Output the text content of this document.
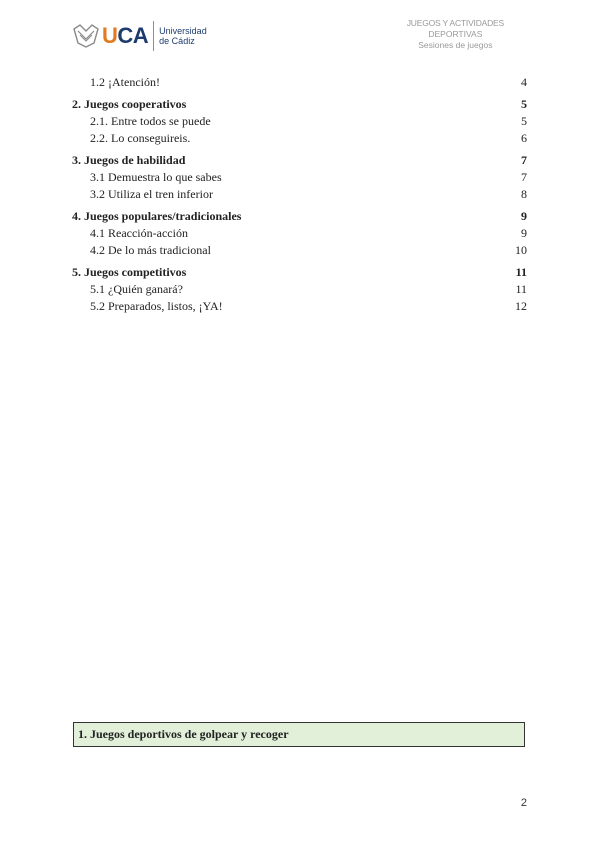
UCA Universidad
de Cádiz
JUEGOS Y ACTIVIDADES
DEPORTIVAS
Sesiones de juegos
1.2 ¡Atención!	4
2. Juegos cooperativos	5
2.1. Entre todos se puede	5
2.2. Lo conseguireis.	6
3. Juegos de habilidad	7
3.1 Demuestra lo que sabes	7
3.2 Utiliza el tren inferior	8
4. Juegos populares/tradicionales	9
4.1 Reacción-acción	9
4.2 De lo más tradicional	10
5. Juegos competitivos	11
5.1 ¿Quién ganará?	11
5.2 Preparados, listos, ¡YA!	12
1. Juegos deportivos de golpear y recoger
2
